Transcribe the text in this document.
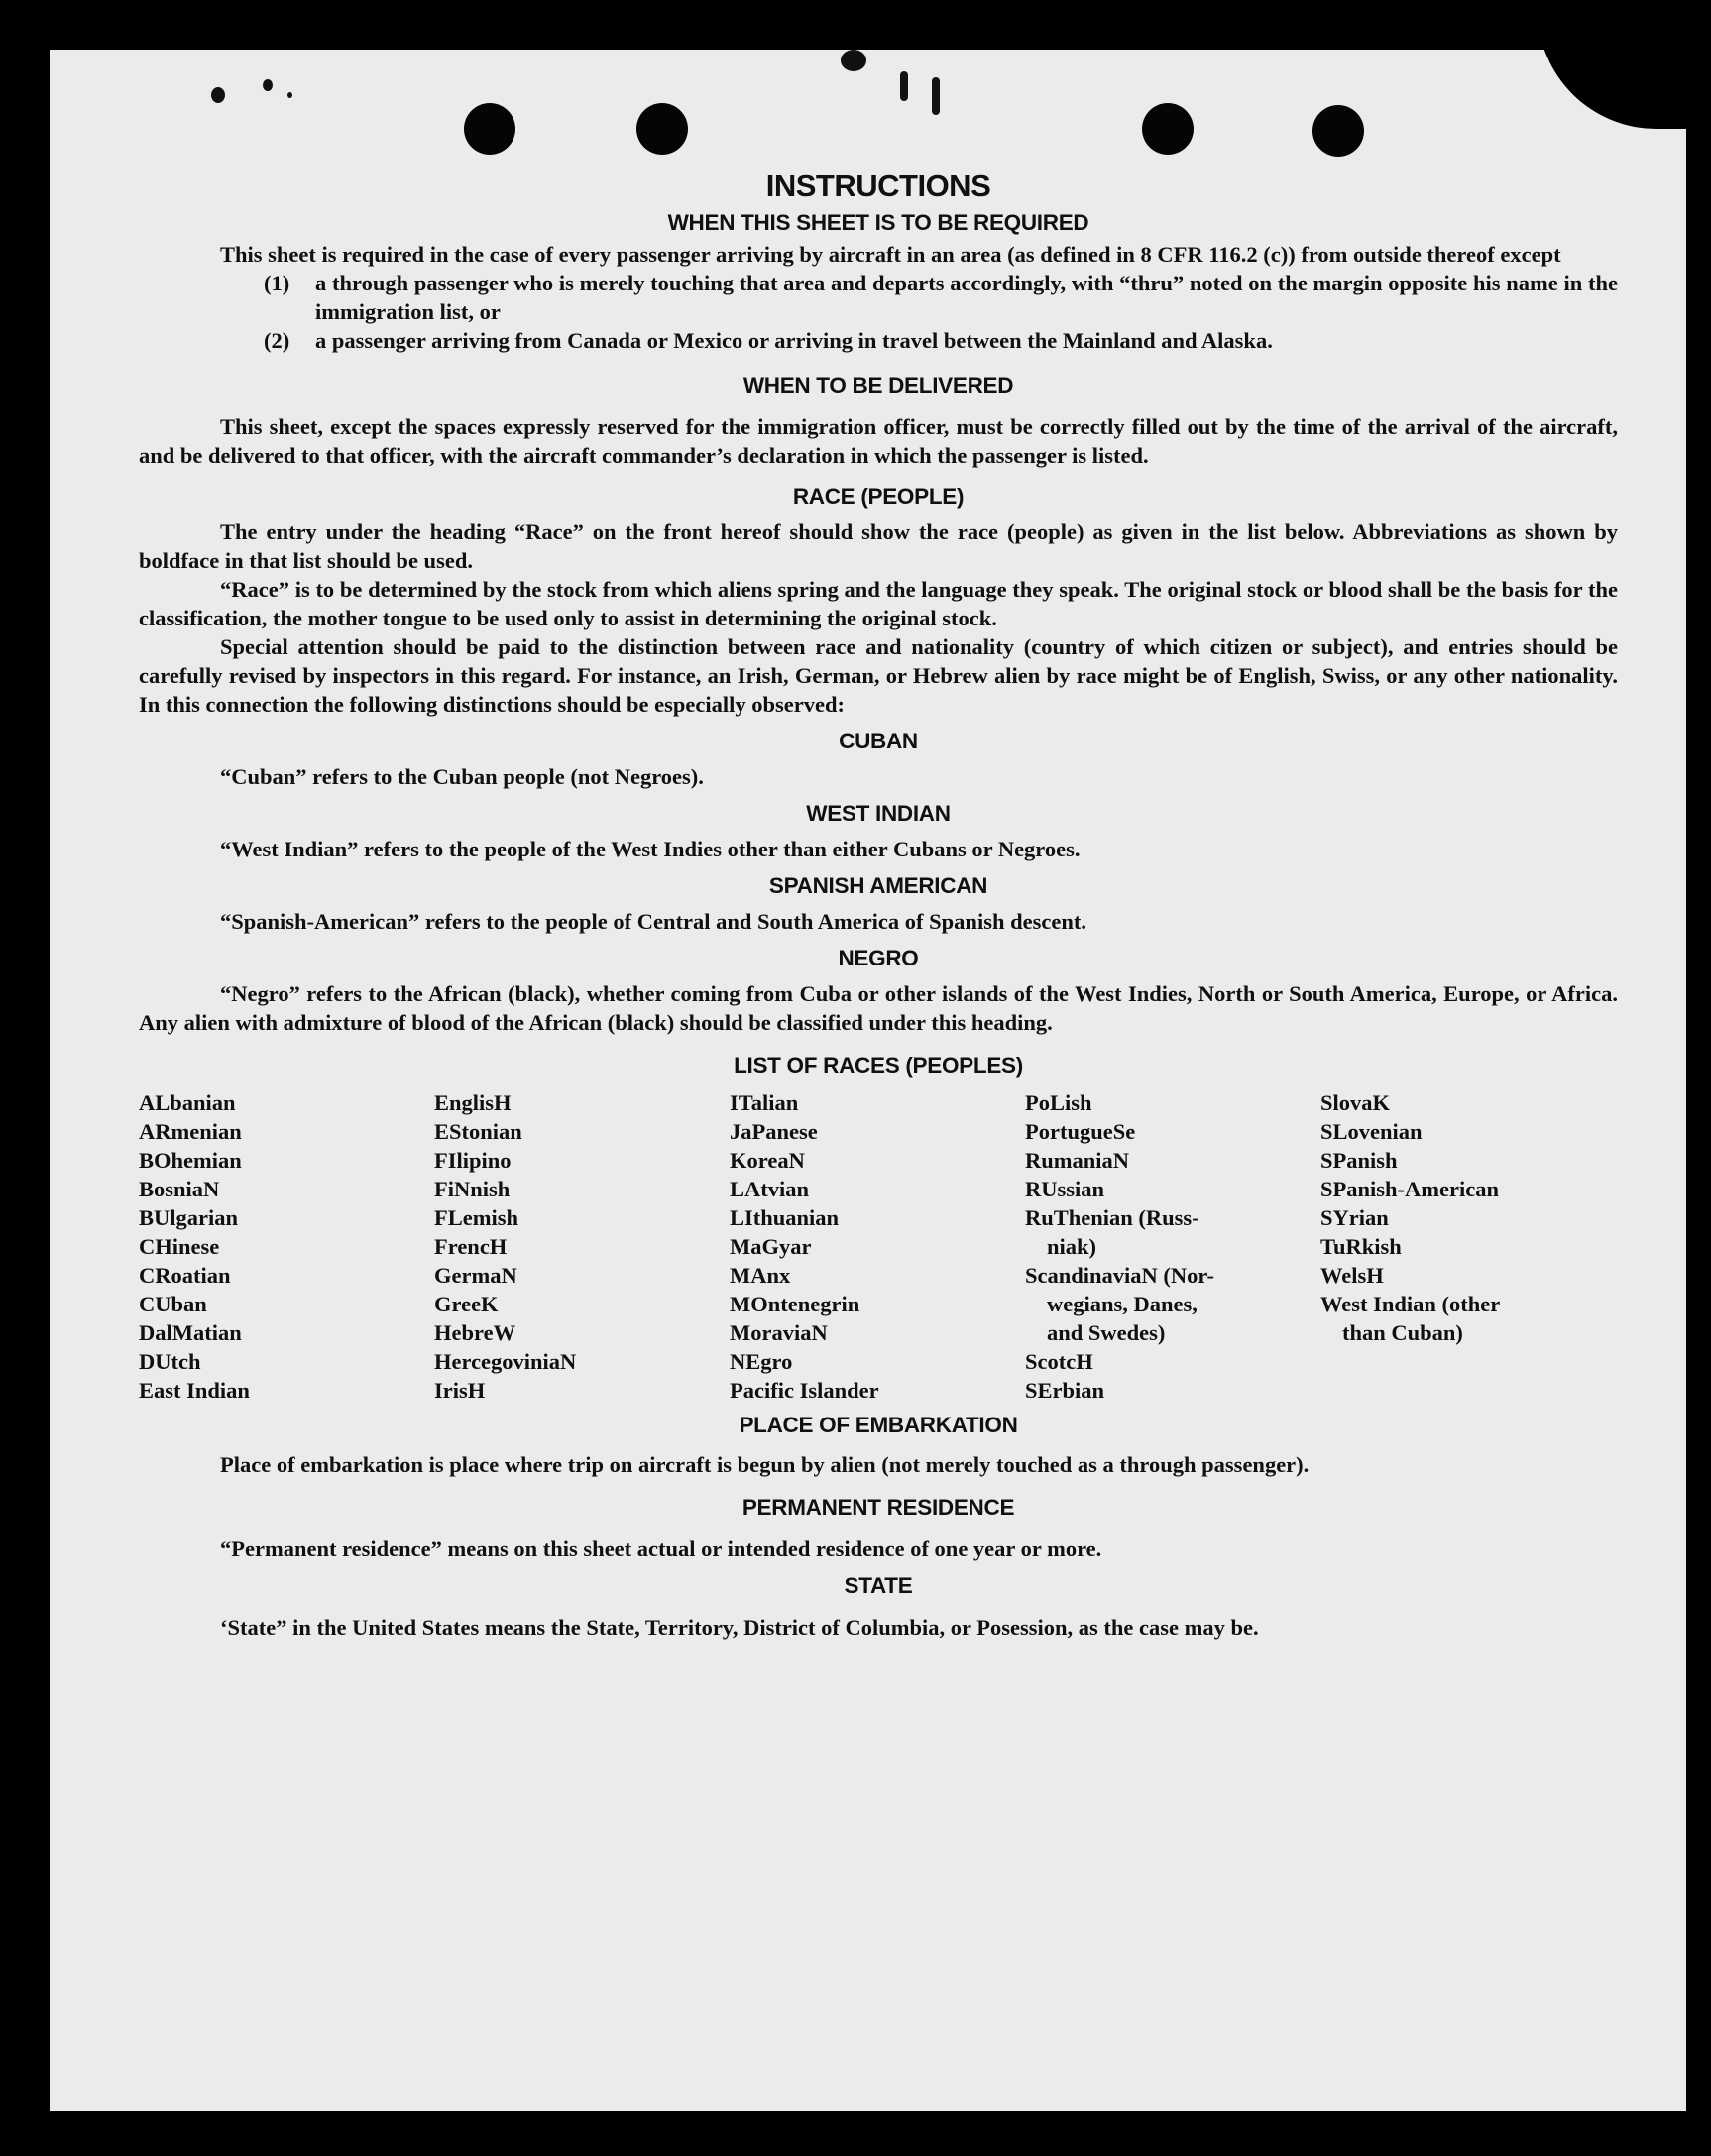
INSTRUCTIONS
WHEN THIS SHEET IS TO BE REQUIRED

This sheet is required in the case of every passenger arriving by aircraft in an area (as defined in 8 CFR 116.2 (c)) from outside thereof except

(1)	a through passenger who is merely touching that area and departs accordingly, with “thru” noted on the margin opposite his name in the immigration list, or
(2)	a passenger arriving from Canada or Mexico or arriving in travel between the Mainland and Alaska.
WHEN TO BE DELIVERED

This sheet, except the spaces expressly reserved for the immigration officer, must be correctly filled out by the time of the arrival of the aircraft, and be delivered to that officer, with the aircraft commander’s declaration in which the passenger is listed.

RACE (PEOPLE)

The entry under the heading “Race” on the front hereof should show the race (people) as given in the list below. Abbreviations as shown by boldface in that list should be used.

“Race” is to be determined by the stock from which aliens spring and the language they speak. The original stock or blood shall be the basis for the classification, the mother tongue to be used only to assist in determining the original stock.

Special attention should be paid to the distinction between race and nationality (country of which citizen or subject), and entries should be carefully revised by inspectors in this regard. For instance, an Irish, German, or Hebrew alien by race might be of English, Swiss, or any other nationality. In this connection the following distinctions should be especially observed:

CUBAN

“Cuban” refers to the Cuban people (not Negroes).

WEST INDIAN

“West Indian” refers to the people of the West Indies other than either Cubans or Negroes.

SPANISH AMERICAN

“Spanish-American” refers to the people of Central and South America of Spanish descent.

NEGRO

“Negro” refers to the African (black), whether coming from Cuba or other islands of the West Indies, North or South America, Europe, or Africa. Any alien with admixture of blood of the African (black) should be classified under this heading.

LIST OF RACES (PEOPLES)
ALbanian
ARmenian
BOhemian
BosniaN
BUlgarian
CHinese
CRoatian
CUban
DalMatian
DUtch
East Indian
EnglisH
EStonian
FIlipino
FiNnish
FLemish
FrencH
GermaN
GreeK
HebreW
HercegoviniaN
IrisH
ITalian
JaPanese
KoreaN
LAtvian
LIthuanian
MaGyar
MAnx
MOntenegrin
MoraviaN
NEgro
Pacific Islander
PoLish
PortugueSe
RumaniaN
RUssian
RuThenian (Russ-
niak)
ScandinaviaN (Nor-
wegians, Danes,
and Swedes)
ScotcH
SErbian
SlovaK
SLovenian
SPanish
SPanish-American
SYrian
TuRkish
WelsH
West Indian (other
than Cuban)
PLACE OF EMBARKATION

Place of embarkation is place where trip on aircraft is begun by alien (not merely touched as a through passenger).

PERMANENT RESIDENCE

“Permanent residence” means on this sheet actual or intended residence of one year or more.

STATE

‘State” in the United States means the State, Territory, District of Columbia, or Posession, as the case may be.
